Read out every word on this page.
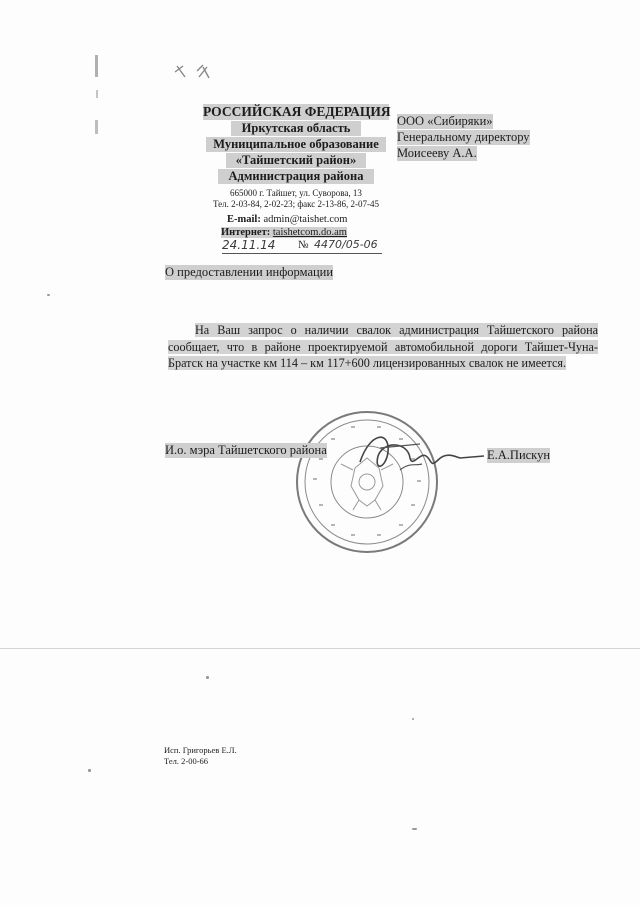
РОССИЙСКАЯ ФЕДЕРАЦИЯ
Иркутская область
Муниципальное образование
«Тайшетский район»
Администрация района
665000 г. Тайшет, ул. Суворова, 13
Тел. 2-03-84, 2-02-23; факс 2-13-86, 2-07-45
E-mail: admin@taishet.com
Интернет: taishetcom.do.am
24.11.14 № 4470/05-06
ООО «Сибиряки»
Генеральному директору
Моисееву А.А.
О предоставлении информации
На Ваш запрос о наличии свалок администрация Тайшетского района
сообщает, что в районе проектируемой автомобильной дороги Тайшет-Чуна-
Братск на участке км 114 – км 117+600 лицензированных свалок не имеется.
И.о. мэра Тайшетского района	Е.А.Пискун
Исп. Григорьев Е.Л.
Тел. 2-00-66
